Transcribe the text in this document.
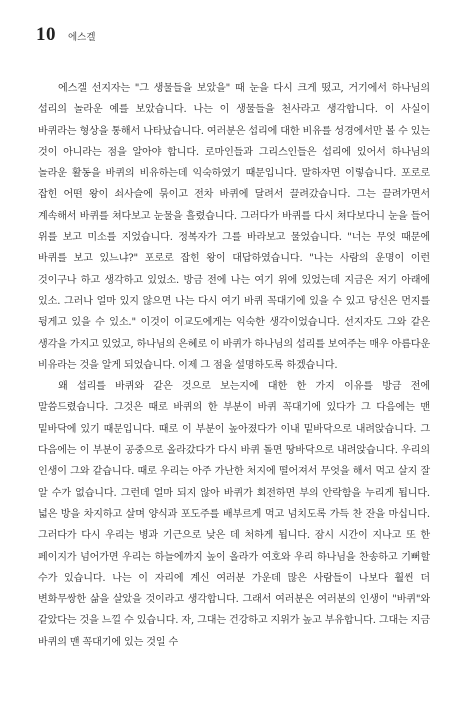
10 에스겔

에스겔 선지자는 "그 생물들을 보았을" 때 눈을 다시 크게 떴고, 거기에서 하나님의 섭리의 놀라운 예를 보았습니다. 나는 이 생물들을 천사라고 생각합니다. 이 사실이 바퀴라는 형상을 통해서 나타났습니다. 여러분은 섭리에 대한 비유를 성경에서만 볼 수 있는 것이 아니라는 점을 알아야 합니다. 로마인들과 그리스인들은 섭리에 있어서 하나님의 놀라운 활동을 바퀴의 비유하는데 익숙하였기 때문입니다. 말하자면 이렇습니다. 포로로 잡힌 어떤 왕이 쇠사슬에 묶이고 전차 바퀴에 달려서 끌려갔습니다. 그는 끌려가면서 계속해서 바퀴를 쳐다보고 눈물을 흘렸습니다. 그러다가 바퀴를 다시 쳐다보다니 눈을 들어 위를 보고 미소를 지었습니다. 정복자가 그를 바라보고 물었습니다. "너는 무엇 때문에 바퀴를 보고 있느냐?" 포로로 잡힌 왕이 대답하였습니다. "나는 사람의 운명이 이런 것이구나 하고 생각하고 있었소. 방금 전에 나는 여기 위에 있었는데 지금은 저기 아래에 있소. 그러나 얼마 있지 않으면 나는 다시 여기 바퀴 꼭대기에 있을 수 있고 당신은 먼지를 뒹게고 있을 수 있소." 이것이 이교도에게는 익숙한 생각이었습니다. 선지자도 그와 같은 생각을 가지고 있었고, 하나님의 은혜로 이 바퀴가 하나님의 섭리를 보여주는 매우 아름다운 비유라는 것을 알게 되었습니다. 이제 그 점을 설명하도록 하겠습니다.

왜 섭리를 바퀴와 같은 것으로 보는지에 대한 한 가지 이유를 방금 전에 말씀드렸습니다. 그것은 때로 바퀴의 한 부분이 바퀴 꼭대기에 있다가 그 다음에는 맨 밑바닥에 있기 때문입니다. 때로 이 부분이 높아졌다가 이내 밑바닥으로 내려앉습니다. 그 다음에는 이 부분이 공중으로 올라갔다가 다시 바퀴 돌면 땅바닥으로 내려앉습니다. 우리의 인생이 그와 같습니다. 때로 우리는 아주 가난한 처지에 떨어져서 무엇을 해서 먹고 살지 잘 알 수가 없습니다. 그런데 얼마 되지 않아 바퀴가 회전하면 부의 안락함을 누리게 됩니다. 넓은 방을 차지하고 살며 양식과 포도주를 배부르게 먹고 넘치도록 가득 찬 잔을 마십니다. 그러다가 다시 우리는 병과 기근으로 낮은 데 처하게 됩니다. 잠시 시간이 지나고 또 한 페이지가 넘어가면 우리는 하늘에까지 높이 올라가 여호와 우리 하나님을 찬송하고 기뻐할 수가 있습니다. 나는 이 자리에 계신 여러분 가운데 많은 사람들이 나보다 훨씬 더 변화무쌍한 삶을 살았을 것이라고 생각합니다. 그래서 여러분은 여러분의 인생이 "바퀴"와 같았다는 것을 느낄 수 있습니다. 자, 그대는 건강하고 지위가 높고 부유합니다. 그대는 지금 바퀴의 맨 꼭대기에 있는 것일 수
